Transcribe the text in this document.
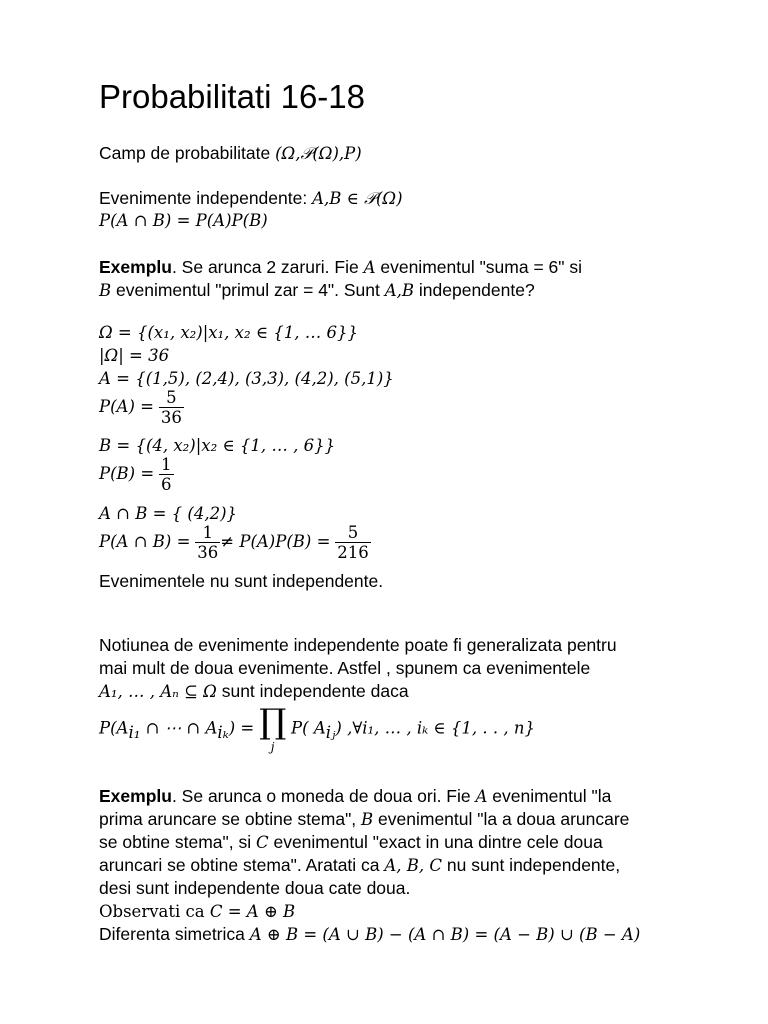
Probabilitati 16-18
Camp de probabilitate (Ω,𝒫(Ω),P)
Evenimente independente: A,B ∈ 𝒫(Ω)
P(A ∩ B) = P(A)P(B)
Exemplu. Se arunca 2 zaruri. Fie A evenimentul "suma = 6" si
B evenimentul "primul zar = 4". Sunt A,B independente?
Ω = {(x₁, x₂)|x₁, x₂ ∈ {1, … 6}}
|Ω| = 36
A = {(1,5), (2,4), (3,3), (4,2), (5,1)}
$P(A) = \frac{5}{36}$
B = {(4, x₂)|x₂ ∈ {1, … , 6}}
$P(B) = \frac{1}{6}$
A ∩ B = { (4,2)}
P(A ∩ $B) = \frac{1}{36} \ne P(A)P(B) = \frac{5}{216}$
Evenimentele nu sunt independente.
Notiunea de evenimente independente poate fi generalizata pentru
mai mult de doua evenimente. Astfel , spunem ca evenimentele
A₁, … , Aₙ ⊆ Ω sunt independente daca
$P(A_{i_1}$ ∩ ⋯ ∩ $A_{i_k}$) = ∏
j
P( $A_{iⱼ}$) ,∀i₁, … , iₖ ∈ {1, . . , n}
Exemplu. Se arunca o moneda de doua ori. Fie A evenimentul "la
prima aruncare se obtine stema", B evenimentul "la a doua aruncare
se obtine stema", si C evenimentul "exact in una dintre cele doua
aruncari se obtine stema". Aratati ca A, B, C nu sunt independente,
desi sunt independente doua cate doua.
Observati ca C = A ⊕ B
Diferenta simetrica A ⊕ B = (A ∪ B) − (A ∩ B) = (A − B) ∪ (B − A)
